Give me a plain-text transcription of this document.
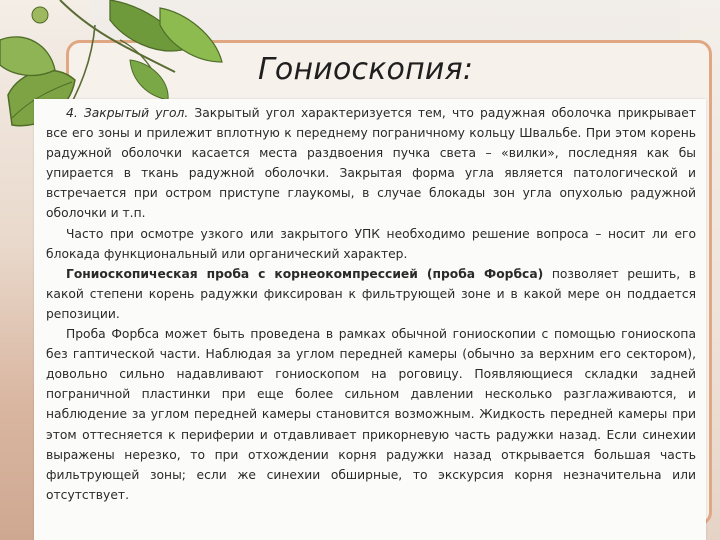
Гониоскопия:

4. Закрытый угол. Закрытый угол характеризуется тем, что радужная оболочка прикрывает все его зоны и прилежит вплотную к переднему пограничному кольцу Швальбе. При этом корень радужной оболочки касается места раздвоения пучка света – «вилки», последняя как бы упирается в ткань радужной оболочки. Закрытая форма угла является патологической и встречается при остром приступе глаукомы, в случае блокады зон угла опухолью радужной оболочки и т.п.

Часто при осмотре узкого или закрытого УПК необходимо решение вопроса – носит ли его блокада функциональный или органический характер.

Гониоскопическая проба с корнеокомпрессией (проба Форбса) позволяет решить, в какой степени корень радужки фиксирован к фильтрующей зоне и в какой мере он поддается репозиции.

Проба Форбса может быть проведена в рамках обычной гониоскопии с помощью гониоскопа без гаптической части. Наблюдая за углом передней камеры (обычно за верхним его сектором), довольно сильно надавливают гониоскопом на роговицу. Появляющиеся складки задней пограничной пластинки при еще более сильном давлении несколько разглаживаются, и наблюдение за углом передней камеры становится возможным. Жидкость передней камеры при этом оттесняется к периферии и отдавливает прикорневую часть радужки назад. Если синехии выражены нерезко, то при отхождении корня радужки назад открывается большая часть фильтрующей зоны; если же синехии обширные, то экскурсия корня незначительна или отсутствует.
